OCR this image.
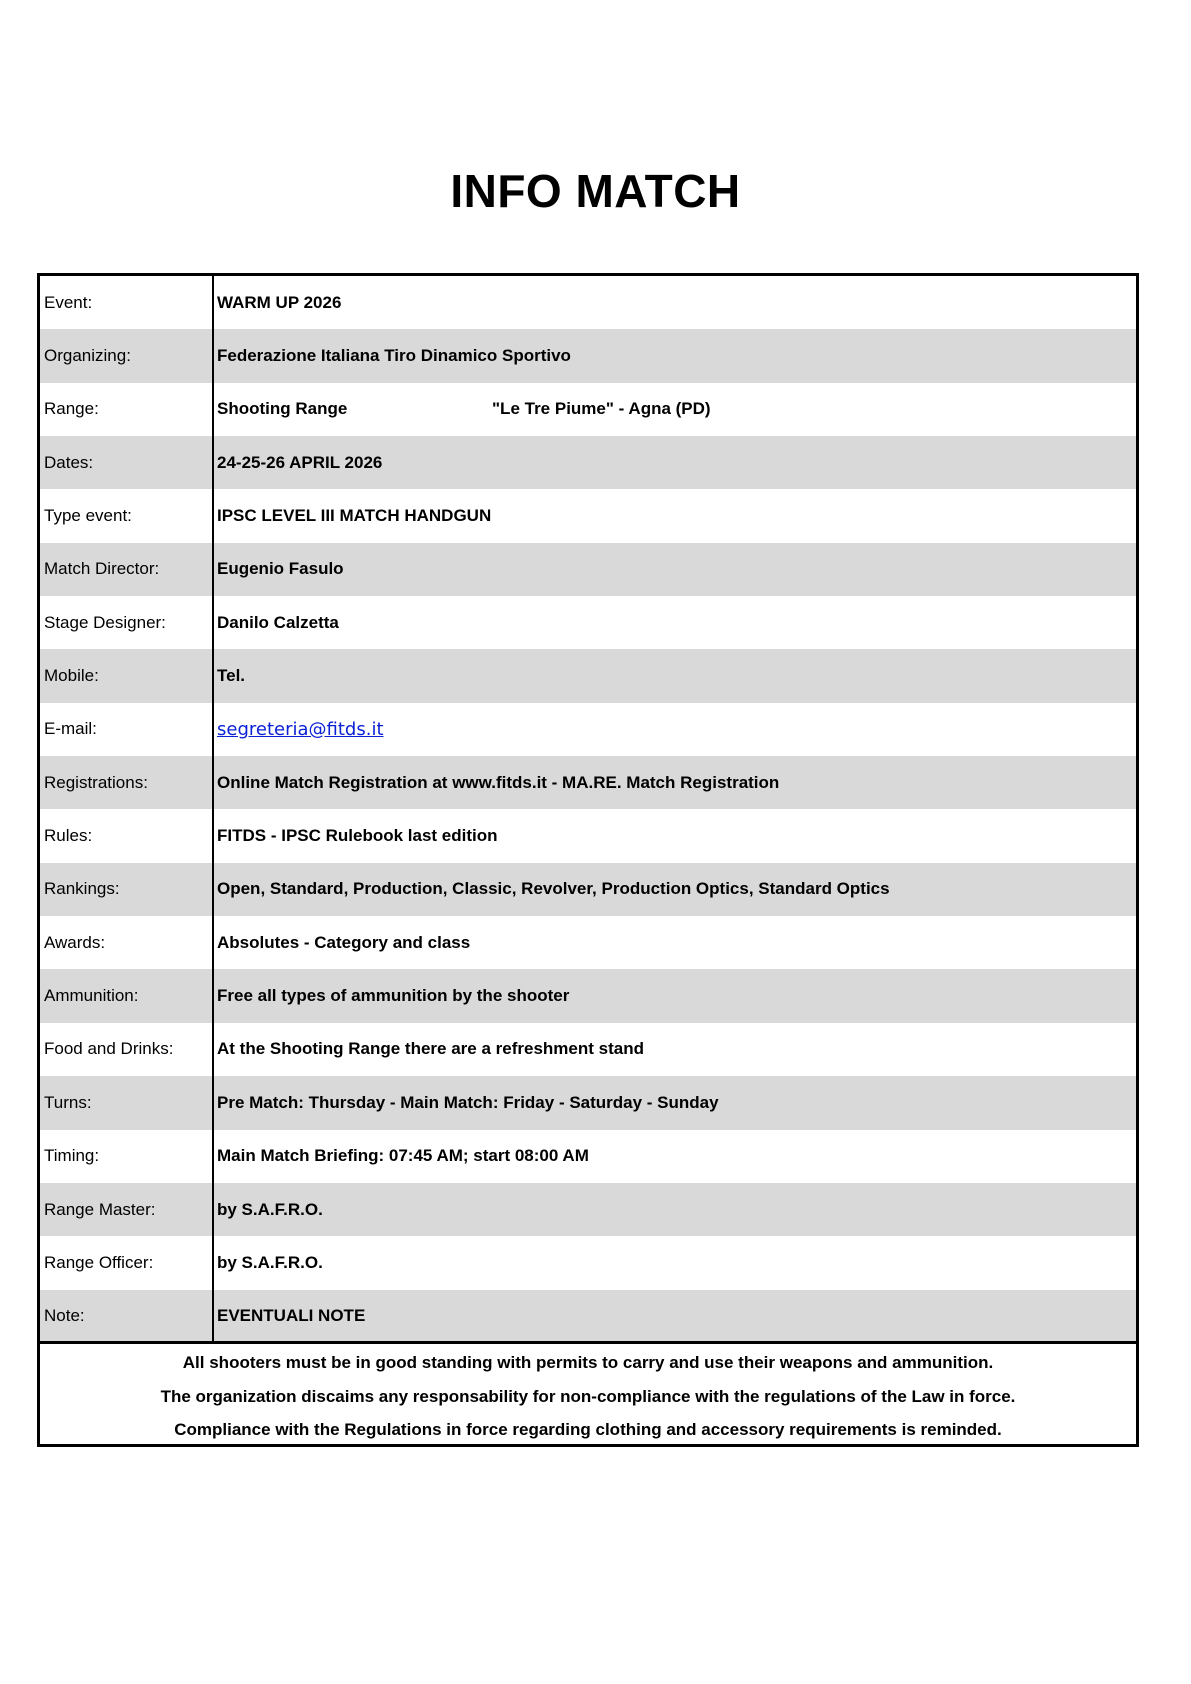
INFO MATCH
Event:	WARM UP 2026
Organizing:	Federazione Italiana Tiro Dinamico Sportivo
Range:	Shooting Range	"Le Tre Piume" - Agna (PD)
Dates:	24-25-26 APRIL 2026
Type event:	IPSC LEVEL III MATCH HANDGUN
Match Director:	Eugenio Fasulo
Stage Designer:	Danilo Calzetta
Mobile:	Tel.
E-mail:	segreteria@fitds.it
Registrations:	Online Match Registration at www.fitds.it - MA.RE. Match Registration
Rules:	FITDS - IPSC Rulebook last edition
Rankings:	Open, Standard, Production, Classic, Revolver, Production Optics, Standard Optics
Awards:	Absolutes - Category and class
Ammunition:	Free all types of ammunition by the shooter
Food and Drinks:	At the Shooting Range there are a refreshment stand
Turns:	Pre Match: Thursday - Main Match: Friday - Saturday - Sunday
Timing:	Main Match Briefing: 07:45 AM; start 08:00 AM
Range Master:	by S.A.F.R.O.
Range Officer:	by S.A.F.R.O.
Note:	EVENTUALI NOTE

All shooters must be in good standing with permits to carry and use their weapons and ammunition.

The organization discaims any responsability for non-compliance with the regulations of the Law in force.

Compliance with the Regulations in force regarding clothing and accessory requirements is reminded.
